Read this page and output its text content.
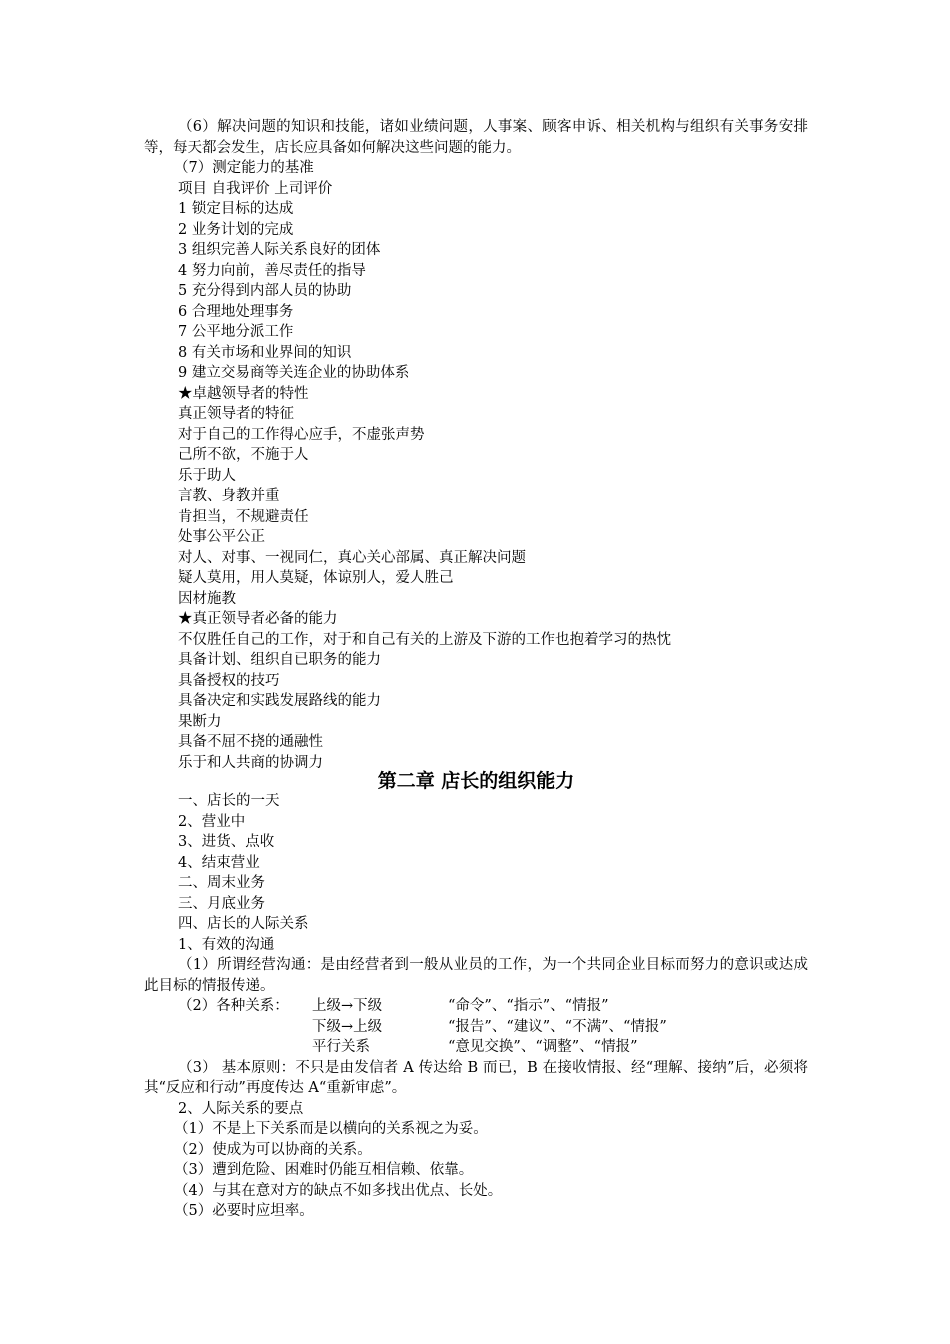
（6）解决问题的知识和技能，诸如业绩问题，人事案、顾客申诉、相关机构与组织有关事务安排等，每天都会发生，店长应具备如何解决这些问题的能力。
（7）测定能力的基准
项目 自我评价 上司评价
1 锁定目标的达成
2 业务计划的完成
3 组织完善人际关系良好的团体
4 努力向前，善尽责任的指导
5 充分得到内部人员的协助
6 合理地处理事务
7 公平地分派工作
8 有关市场和业界间的知识
9 建立交易商等关连企业的协助体系
★卓越领导者的特性
真正领导者的特征
对于自己的工作得心应手，不虚张声势
己所不欲，不施于人
乐于助人
言教、身教并重
肯担当，不规避责任
处事公平公正
对人、对事、一视同仁，真心关心部属、真正解决问题
疑人莫用，用人莫疑，体谅别人，爱人胜己
因材施教
★真正领导者必备的能力
不仅胜任自己的工作，对于和自己有关的上游及下游的工作也抱着学习的热忱
具备计划、组织自已职务的能力
具备授权的技巧
具备决定和实践发展路线的能力
果断力
具备不屈不挠的通融性
乐于和人共商的协调力
第二章 店长的组织能力
一、店长的一天
2、营业中
3、进货、点收
4、结束营业
二、周末业务
三、月底业务
四、店长的人际关系
1、有效的沟通
（1）所谓经营沟通：是由经营者到一般从业员的工作，为一个共同企业目标而努力的意识或达成此目标的情报传递。
（2）各种关系： 上级→下级	“命令”、“指示”、“情报”
下级→上级	“报告”、“建议”、“不满”、“情报”
平行关系	“意见交换”、“调整”、“情报”
（3） 基本原则：不只是由发信者 A 传达给 B 而已，B 在接收情报、经“理解、接纳”后，必须将其“反应和行动”再度传达 A“重新审虑”。
2、人际关系的要点
（1）不是上下关系而是以横向的关系视之为妥。
（2）使成为可以协商的关系。
（3）遭到危险、困难时仍能互相信赖、依靠。
（4）与其在意对方的缺点不如多找出优点、长处。
（5）必要时应坦率。
